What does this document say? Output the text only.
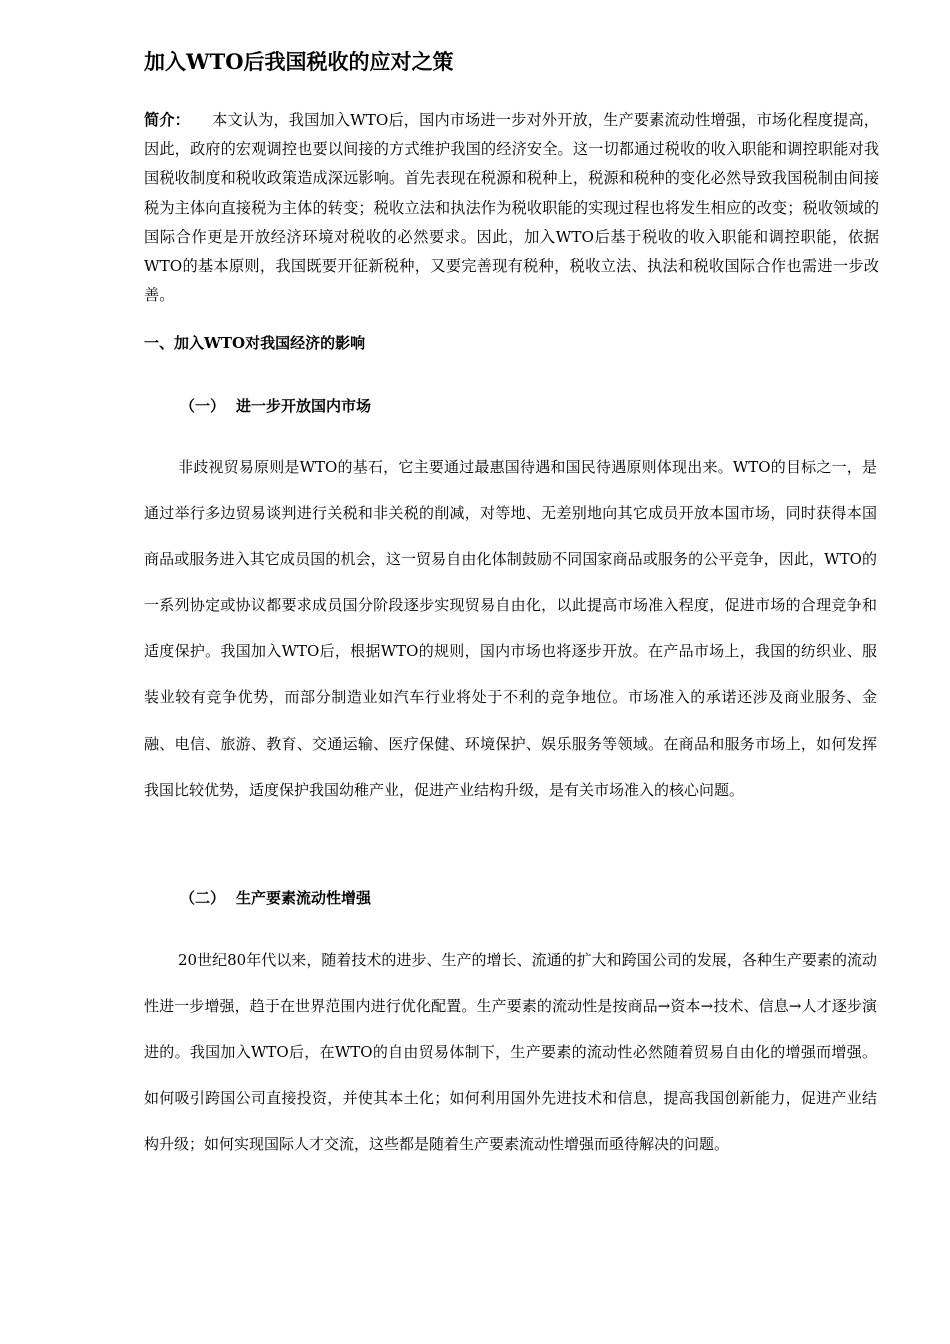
加入WTO后我国税收的应对之策

简介： 本文认为，我国加入WTO后，国内市场进一步对外开放，生产要素流动性增强，市场化程度提高，因此，政府的宏观调控也要以间接的方式维护我国的经济安全。这一切都通过税收的收入职能和调控职能对我国税收制度和税收政策造成深远影响。首先表现在税源和税种上，税源和税种的变化必然导致我国税制由间接税为主体向直接税为主体的转变；税收立法和执法作为税收职能的实现过程也将发生相应的改变；税收领域的国际合作更是开放经济环境对税收的必然要求。因此，加入WTO后基于税收的收入职能和调控职能，依据WTO的基本原则，我国既要开征新税种，又要完善现有税种，税收立法、执法和税收国际合作也需进一步改善。

一、加入WTO对我国经济的影响
（一） 进一步开放国内市场

非歧视贸易原则是WTO的基石，它主要通过最惠国待遇和国民待遇原则体现出来。WTO的目标之一，是通过举行多边贸易谈判进行关税和非关税的削减，对等地、无差别地向其它成员开放本国市场，同时获得本国商品或服务进入其它成员国的机会，这一贸易自由化体制鼓励不同国家商品或服务的公平竞争，因此，WTO的一系列协定或协议都要求成员国分阶段逐步实现贸易自由化，以此提高市场准入程度，促进市场的合理竞争和适度保护。我国加入WTO后，根据WTO的规则，国内市场也将逐步开放。在产品市场上，我国的纺织业、服装业较有竞争优势，而部分制造业如汽车行业将处于不利的竞争地位。市场准入的承诺还涉及商业服务、金融、电信、旅游、教育、交通运输、医疗保健、环境保护、娱乐服务等领域。在商品和服务市场上，如何发挥我国比较优势，适度保护我国幼稚产业，促进产业结构升级，是有关市场准入的核心问题。

（二） 生产要素流动性增强

20世纪80年代以来，随着技术的进步、生产的增长、流通的扩大和跨国公司的发展，各种生产要素的流动性进一步增强，趋于在世界范围内进行优化配置。生产要素的流动性是按商品→资本→技术、信息→人才逐步演进的。我国加入WTO后，在WTO的自由贸易体制下，生产要素的流动性必然随着贸易自由化的增强而增强。如何吸引跨国公司直接投资，并使其本土化；如何利用国外先进技术和信息，提高我国创新能力，促进产业结构升级；如何实现国际人才交流，这些都是随着生产要素流动性增强而亟待解决的问题。
